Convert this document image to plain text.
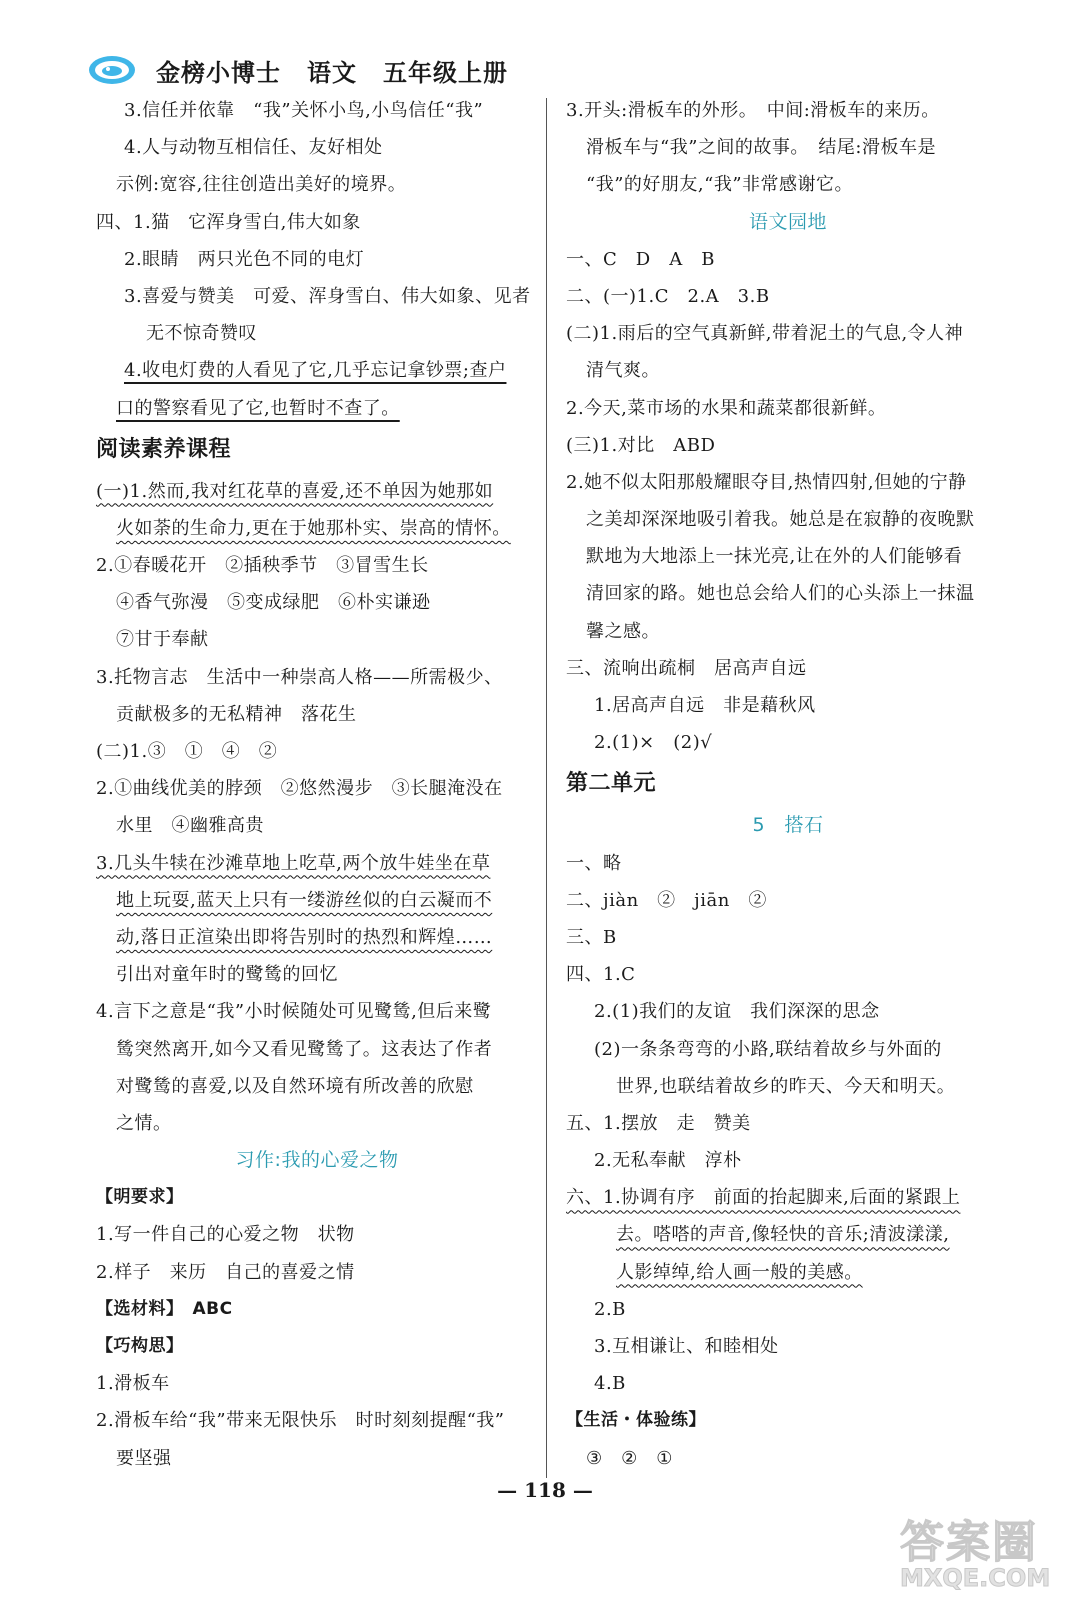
金榜小博士 语文 五年级上册
3.信任并依靠　“我”关怀小鸟,小鸟信任“我”
4.人与动物互相信任、友好相处
示例:宽容,往往创造出美好的境界。
四、1.猫　它浑身雪白,伟大如象
2.眼睛　两只光色不同的电灯
3.喜爱与赞美　可爱、浑身雪白、伟大如象、见者
无不惊奇赞叹
4.收电灯费的人看见了它,几乎忘记拿钞票;查户
口的警察看见了它,也暂时不查了。
阅读素养课程
(一)1.然而,我对红花草的喜爱,还不单因为她那如
火如荼的生命力,更在于她那朴实、崇高的情怀。
2.①春暖花开　②插秧季节　③冒雪生长
④香气弥漫　⑤变成绿肥　⑥朴实谦逊
⑦甘于奉献
3.托物言志　生活中一种崇高人格——所需极少、
贡献极多的无私精神　落花生
(二)1.③　①　④　②
2.①曲线优美的脖颈　②悠然漫步　③长腿淹没在
水里　④幽雅高贵
3.几头牛犊在沙滩草地上吃草,两个放牛娃坐在草
地上玩耍,蓝天上只有一缕游丝似的白云凝而不
动,落日正渲染出即将告别时的热烈和辉煌……
引出对童年时的鹭鸶的回忆
4.言下之意是“我”小时候随处可见鹭鸶,但后来鹭
鸶突然离开,如今又看见鹭鸶了。这表达了作者
对鹭鸶的喜爱,以及自然环境有所改善的欣慰
之情。
习作:我的心爱之物
【明要求】
1.写一件自己的心爱之物　状物
2.样子　来历　自己的喜爱之情
【选材料】　ABC
【巧构思】
1.滑板车
2.滑板车给“我”带来无限快乐　时时刻刻提醒“我”
要坚强
3.开头:滑板车的外形。　中间:滑板车的来历。
滑板车与“我”之间的故事。　结尾:滑板车是
“我”的好朋友,“我”非常感谢它。
语文园地
一、C　D　A　B
二、(一)1.C　2.A　3.B
(二)1.雨后的空气真新鲜,带着泥土的气息,令人神
清气爽。
2.今天,菜市场的水果和蔬菜都很新鲜。
(三)1.对比　ABD
2.她不似太阳那般耀眼夺目,热情四射,但她的宁静
之美却深深地吸引着我。她总是在寂静的夜晚默
默地为大地添上一抹光亮,让在外的人们能够看
清回家的路。她也总会给人们的心头添上一抹温
馨之感。
三、流响出疏桐　居高声自远
1.居高声自远　非是藉秋风
2.(1)×　(2)√
第二单元
5　搭石
一、略
二、jiàn　②　jiān　②
三、B
四、1.C
2.(1)我们的友谊　我们深深的思念
(2)一条条弯弯的小路,联结着故乡与外面的
世界,也联结着故乡的昨天、今天和明天。
五、1.摆放　走　赞美
2.无私奉献　淳朴
六、1.协调有序　前面的抬起脚来,后面的紧跟上
去。嗒嗒的声音,像轻快的音乐;清波漾漾,
人影绰绰,给人画一般的美感。
2.B
3.互相谦让、和睦相处
4.B
【生活・体验练】
③　②　①
— 118 —
答案圈
MXQE.COM
